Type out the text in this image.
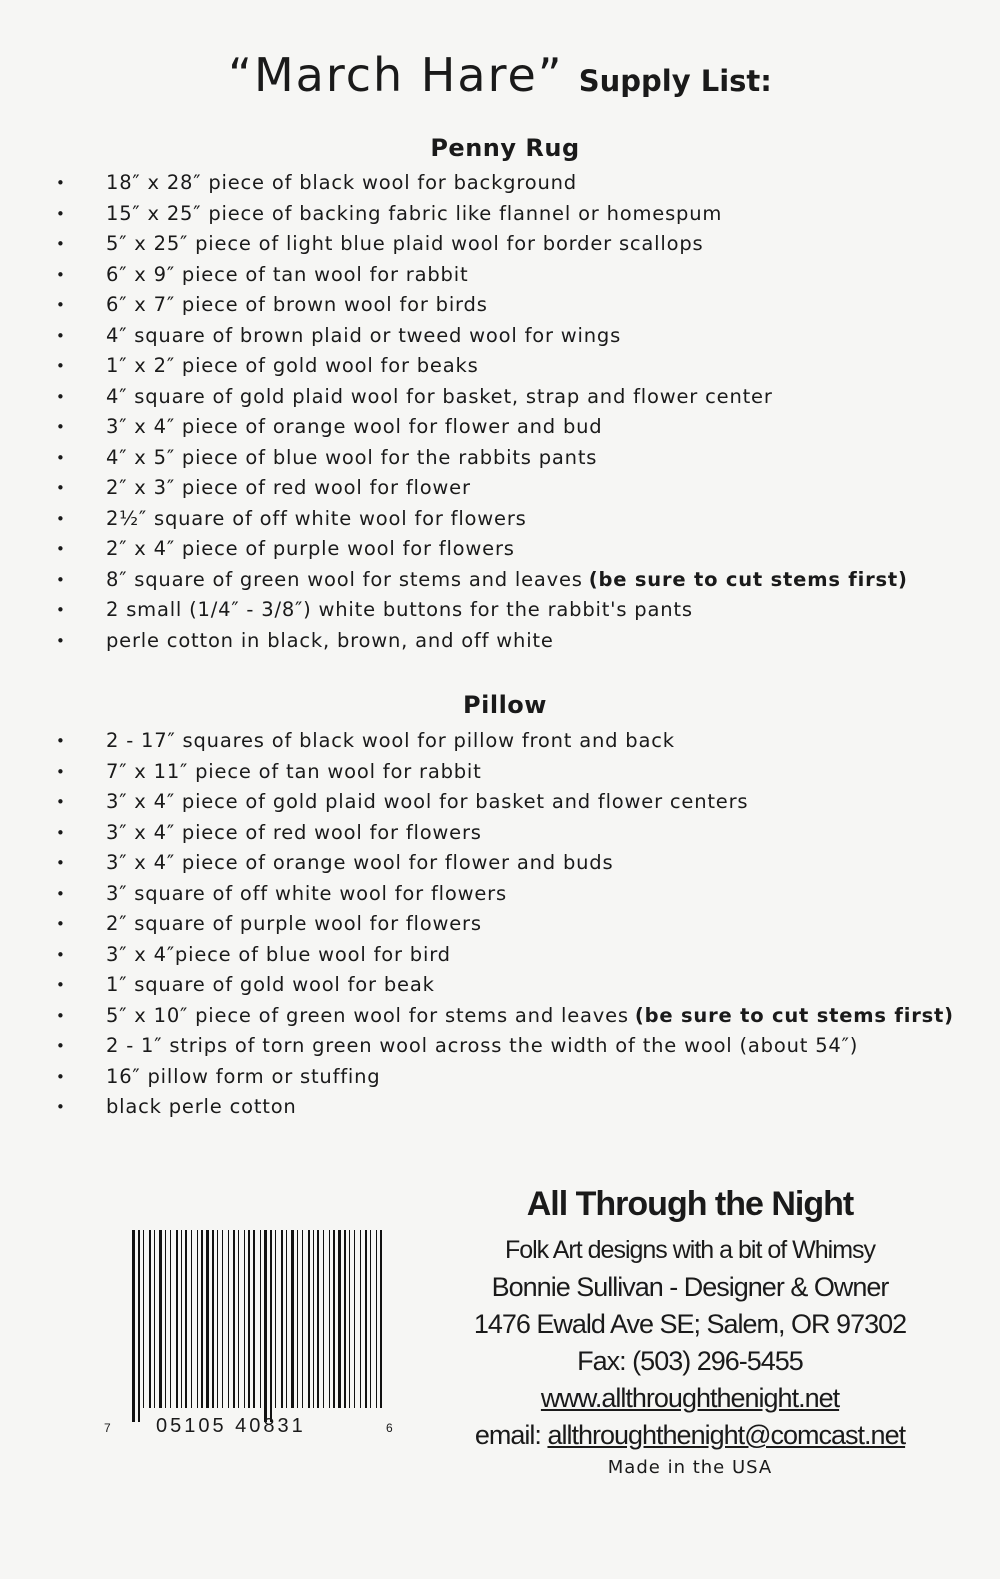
“March Hare” Supply List:
Penny Rug
• 18″ x 28″ piece of black wool for background
• 15″ x 25″ piece of backing fabric like flannel or homespum
• 5″ x 25″ piece of light blue plaid wool for border scallops
• 6″ x 9″ piece of tan wool for rabbit
• 6″ x 7″ piece of brown wool for birds
• 4″ square of brown plaid or tweed wool for wings
• 1″ x 2″ piece of gold wool for beaks
• 4″ square of gold plaid wool for basket, strap and flower center
• 3″ x 4″ piece of orange wool for flower and bud
• 4″ x 5″ piece of blue wool for the rabbits pants
• 2″ x 3″ piece of red wool for flower
• 2½″ square of off white wool for flowers
• 2″ x 4″ piece of purple wool for flowers
• 8″ square of green wool for stems and leaves (be sure to cut stems first)
• 2 small (1/4″ - 3/8″) white buttons for the rabbit's pants
• perle cotton in black, brown, and off white
Pillow
• 2 - 17″ squares of black wool for pillow front and back
• 7″ x 11″ piece of tan wool for rabbit
• 3″ x 4″ piece of gold plaid wool for basket and flower centers
• 3″ x 4″ piece of red wool for flowers
• 3″ x 4″ piece of orange wool for flower and buds
• 3″ square of off white wool for flowers
• 2″ square of purple wool for flowers
• 3″ x 4″piece of blue wool for bird
• 1″ square of gold wool for beak
• 5″ x 10″ piece of green wool for stems and leaves (be sure to cut stems first)
• 2 - 1″ strips of torn green wool across the width of the wool (about 54″)
• 16″ pillow form or stuffing
• black perle cotton
7 05105 40831	6
All Through the Night
Folk Art designs with a bit of Whimsy
Bonnie Sullivan - Designer & Owner
1476 Ewald Ave SE; Salem, OR 97302
Fax: (503) 296-5455
www.allthroughthenight.net
email: allthroughthenight@comcast.net
Made in the USA
